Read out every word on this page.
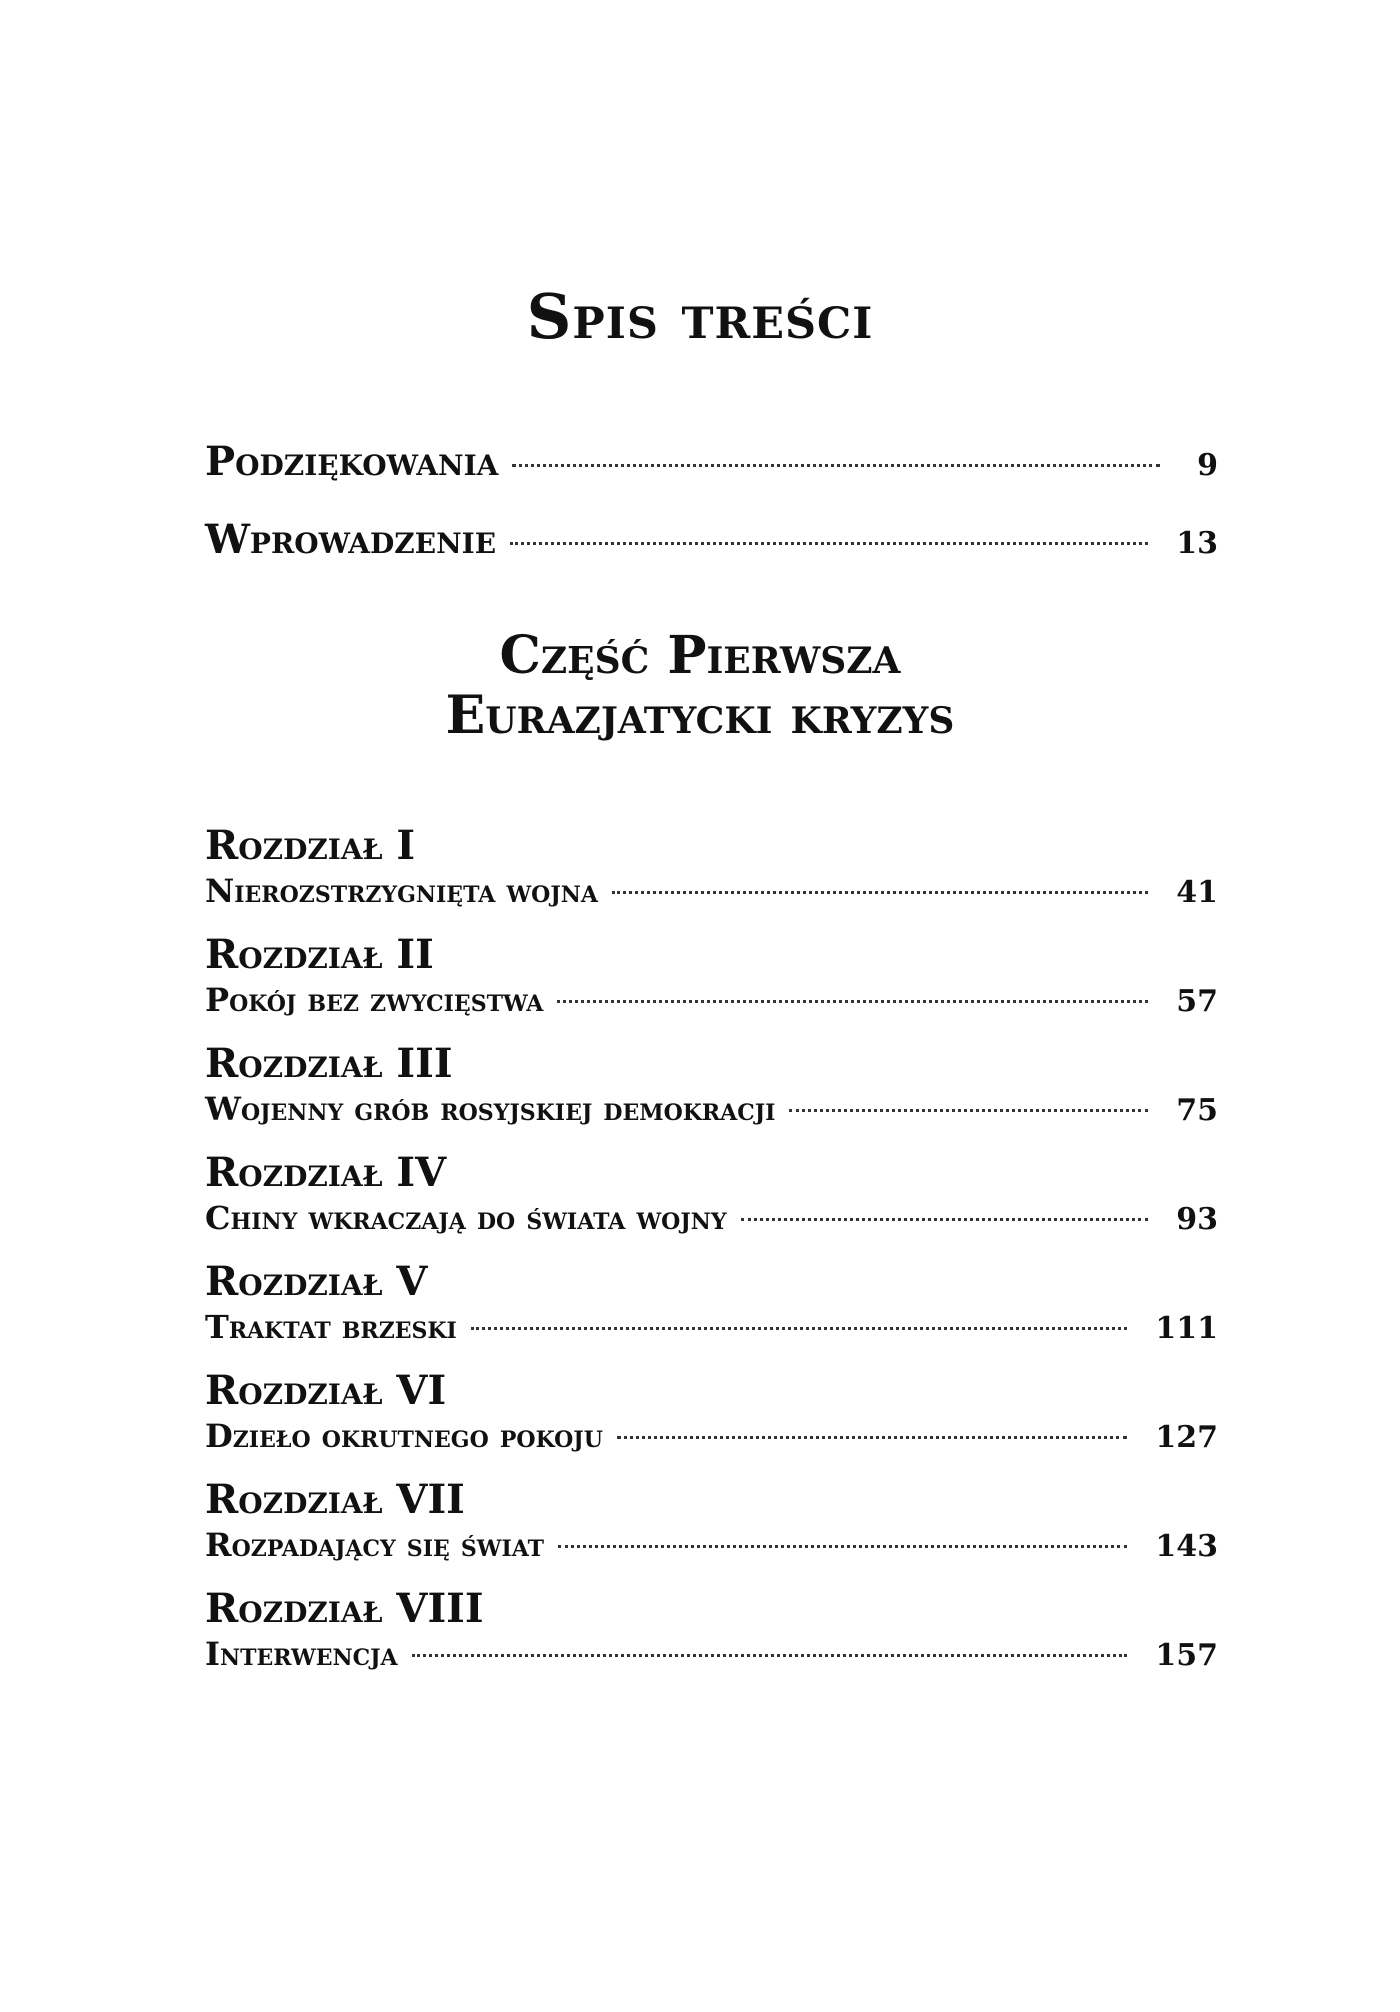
Spis treści
Podziękowania	9
Wprowadzenie	13
Część Pierwsza
Eurazjatycki kryzys
Rozdział I
Nierozstrzygnięta wojna	41
Rozdział II
Pokój bez zwycięstwa	57
Rozdział III
Wojenny grób rosyjskiej demokracji	75
Rozdział IV
Chiny wkraczają do świata wojny	93
Rozdział V
Traktat brzeski	111
Rozdział VI
Dzieło okrutnego pokoju	127
Rozdział VII
Rozpadający się świat	143
Rozdział VIII
Interwencja	157
